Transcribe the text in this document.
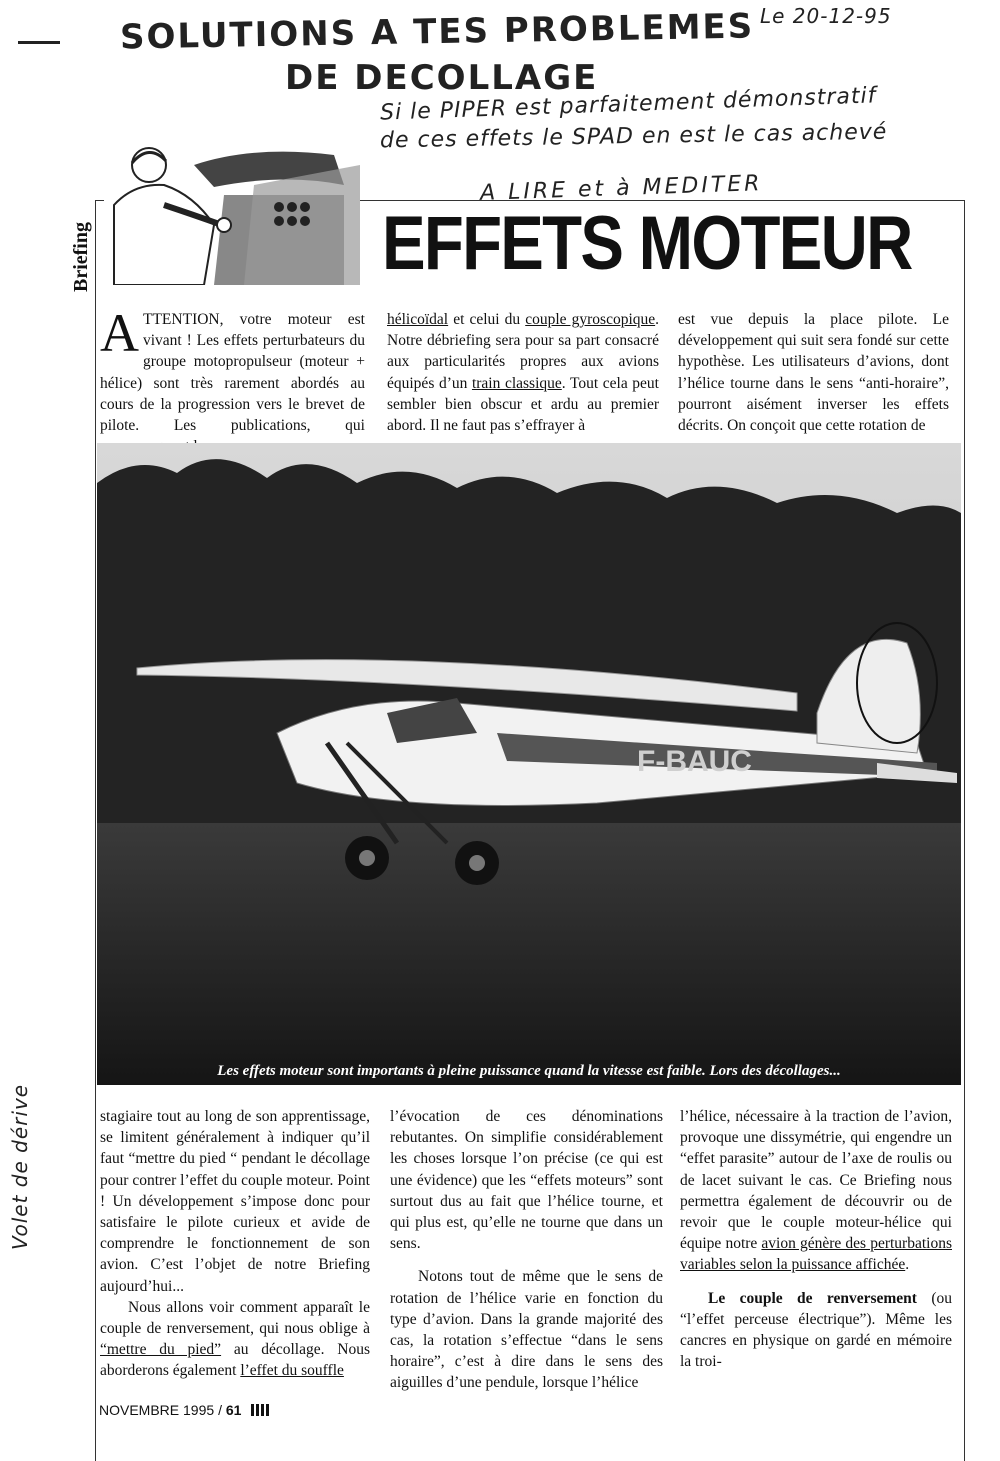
Le 20-12-95
SOLUTIONS A TES PROBLEMES
DE DECOLLAGE
Si le PIPER est parfaitement démonstratif
de ces effets le SPAD en est le cas achevé
A LIRE et à MEDITER
Volet de dérive
Briefing	EFFETS MOTEUR
ATTENTION, votre moteur est vivant ! Les effets perturbateurs du groupe motopropulseur (moteur + hélice) sont très rarement abordés au cours de la progression vers le brevet de pilote. Les publications, qui
hélicoïdal et celui du couple gyroscopique. Notre débriefing sera pour sa part consacré aux particularités propres aux avions équipés d’un train classique. Tout cela peut sembler bien obscur et ardu au premier abord. Il ne faut pas s’effrayer à
est vue depuis la place pilote. Le développement qui suit sera fondé sur cette hypothèse. Les utilisateurs d’avions, dont l’hélice tourne dans le sens “anti-horaire”, pourront aisément inverser les effets décrits. On conçoit que cette rotation de
F-BAUC
Les effets moteur sont importants à pleine puissance quand la vitesse est faible. Lors des décollages...

stagiaire tout au long de son apprentissage, se limitent généralement à indiquer qu’il faut “mettre du pied “ pendant le décollage pour contrer l’effet du couple moteur. Point ! Un développement s’impose donc pour satisfaire le pilote curieux et avide de comprendre le fonctionnement de son avion. C’est l’objet de notre Briefing aujourd’hui...

Nous allons voir comment apparaît le couple de renversement, qui nous oblige à “mettre du pied” au décollage. Nous aborderons également l’effet du souffle

l’évocation de ces dénominations rebutantes. On simplifie considérablement les choses lorsque l’on précise (ce qui est une évidence) que les “effets moteurs” sont surtout dus au fait que l’hélice tourne, et qui plus est, qu’elle ne tourne que dans un sens.

Notons tout de même que le sens de rotation de l’hélice varie en fonction du type d’avion. Dans la grande majorité des cas, la rotation s’effectue “dans le sens horaire”, c’est à dire dans le sens des aiguilles d’une pendule, lorsque l’hélice

l’hélice, nécessaire à la traction de l’avion, provoque une dissymétrie, qui engendre un “effet parasite” autour de l’axe de roulis ou de lacet suivant le cas. Ce Briefing nous permettra également de découvrir ou de revoir que le couple moteur-hélice qui équipe notre avion génère des perturbations variables selon la puissance affichée.

Le couple de renversement (ou “l’effet perceuse électrique”). Même les cancres en physique on gardé en mémoire la troi-

NOVEMBRE 1995 / 61
